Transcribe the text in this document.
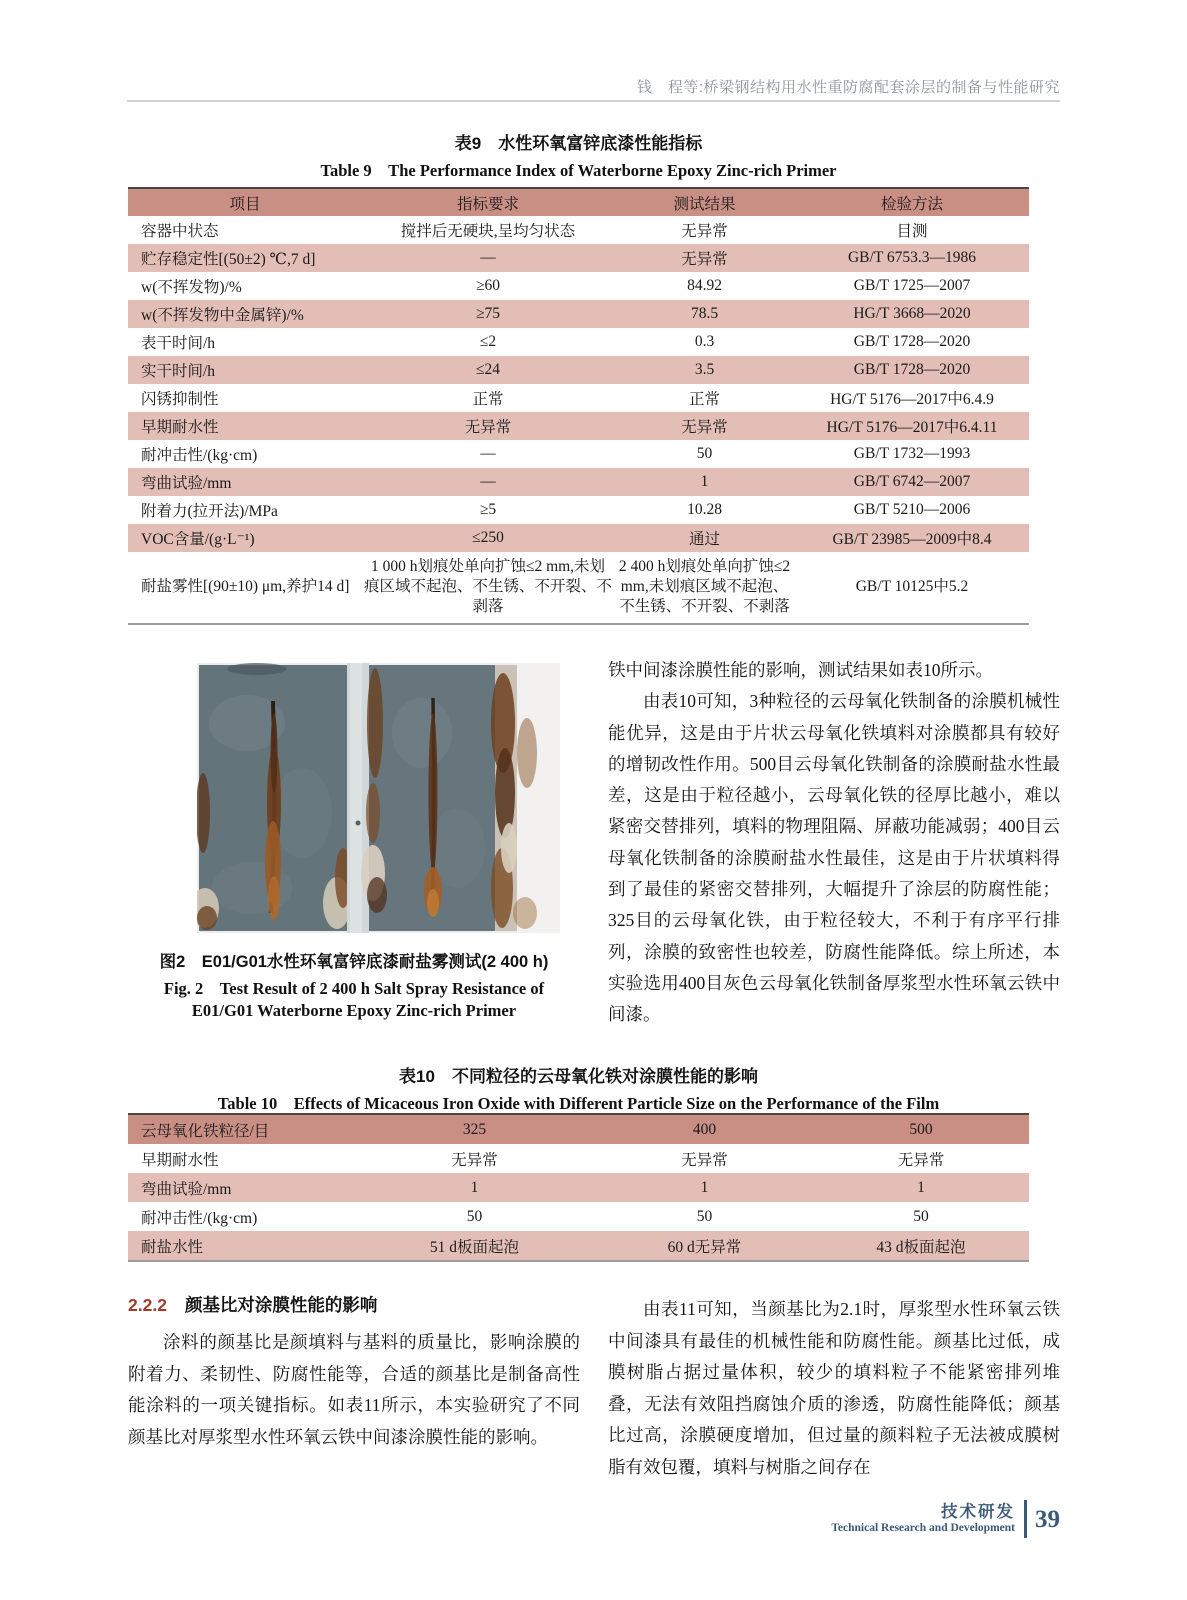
钱　程等:桥梁钢结构用水性重防腐配套涂层的制备与性能研究
表9　水性环氧富锌底漆性能指标
Table 9　The Performance Index of Waterborne Epoxy Zinc-rich Primer
项目	指标要求	测试结果	检验方法
容器中状态	搅拌后无硬块,呈均匀状态	无异常	目测
贮存稳定性[(50±2) ℃,7 d]	—	无异常	GB/T 6753.3—1986
w(不挥发物)/%	≥60	84.92	GB/T 1725—2007
w(不挥发物中金属锌)/%	≥75	78.5	HG/T 3668—2020
表干时间/h	≤2	0.3	GB/T 1728—2020
实干时间/h	≤24	3.5	GB/T 1728—2020
闪锈抑制性	正常	正常	HG/T 5176—2017中6.4.9
早期耐水性	无异常	无异常	HG/T 5176—2017中6.4.11
耐冲击性/(kg·cm)	—	50	GB/T 1732—1993
弯曲试验/mm	—	1	GB/T 6742—2007
附着力(拉开法)/MPa	≥5	10.28	GB/T 5210—2006
VOC含量/(g·L⁻¹)	≤250	通过	GB/T 23985—2009中8.4
耐盐雾性[(90±10) μm,养护14 d]	1 000 h划痕处单向扩蚀≤2 mm,未划痕区域不起泡、不生锈、不开裂、不剥落	2 400 h划痕处单向扩蚀≤2 mm,未划痕区域不起泡、不生锈、不开裂、不剥落	GB/T 10125中5.2
图2　E01/G01水性环氧富锌底漆耐盐雾测试(2 400 h)
Fig. 2　Test Result of 2 400 h Salt Spray Resistance of
E01/G01 Waterborne Epoxy Zinc-rich Primer

铁中间漆涂膜性能的影响，测试结果如表10所示。

由表10可知，3种粒径的云母氧化铁制备的涂膜机械性能优异，这是由于片状云母氧化铁填料对涂膜都具有较好的增韧改性作用。500目云母氧化铁制备的涂膜耐盐水性最差，这是由于粒径越小，云母氧化铁的径厚比越小，难以紧密交替排列，填料的物理阻隔、屏蔽功能减弱；400目云母氧化铁制备的涂膜耐盐水性最佳，这是由于片状填料得到了最佳的紧密交替排列，大幅提升了涂层的防腐性能；325目的云母氧化铁，由于粒径较大，不利于有序平行排列，涂膜的致密性也较差，防腐性能降低。综上所述，本实验选用400目灰色云母氧化铁制备厚浆型水性环氧云铁中间漆。

表10　不同粒径的云母氧化铁对涂膜性能的影响
Table 10　Effects of Micaceous Iron Oxide with Different Particle Size on the Performance of the Film
云母氧化铁粒径/目	325	400	500
早期耐水性	无异常	无异常	无异常
弯曲试验/mm	1	1	1
耐冲击性/(kg·cm)	50	50	50
耐盐水性	51 d板面起泡	60 d无异常	43 d板面起泡
2.2.2 颜基比对涂膜性能的影响

涂料的颜基比是颜填料与基料的质量比，影响涂膜的附着力、柔韧性、防腐性能等，合适的颜基比是制备高性能涂料的一项关键指标。如表11所示，本实验研究了不同颜基比对厚浆型水性环氧云铁中间漆涂膜性能的影响。

由表11可知，当颜基比为2.1时，厚浆型水性环氧云铁中间漆具有最佳的机械性能和防腐性能。颜基比过低，成膜树脂占据过量体积，较少的填料粒子不能紧密排列堆叠，无法有效阻挡腐蚀介质的渗透，防腐性能降低；颜基比过高，涂膜硬度增加，但过量的颜料粒子无法被成膜树脂有效包覆，填料与树脂之间存在

技术研发
Technical Research and Development 39
